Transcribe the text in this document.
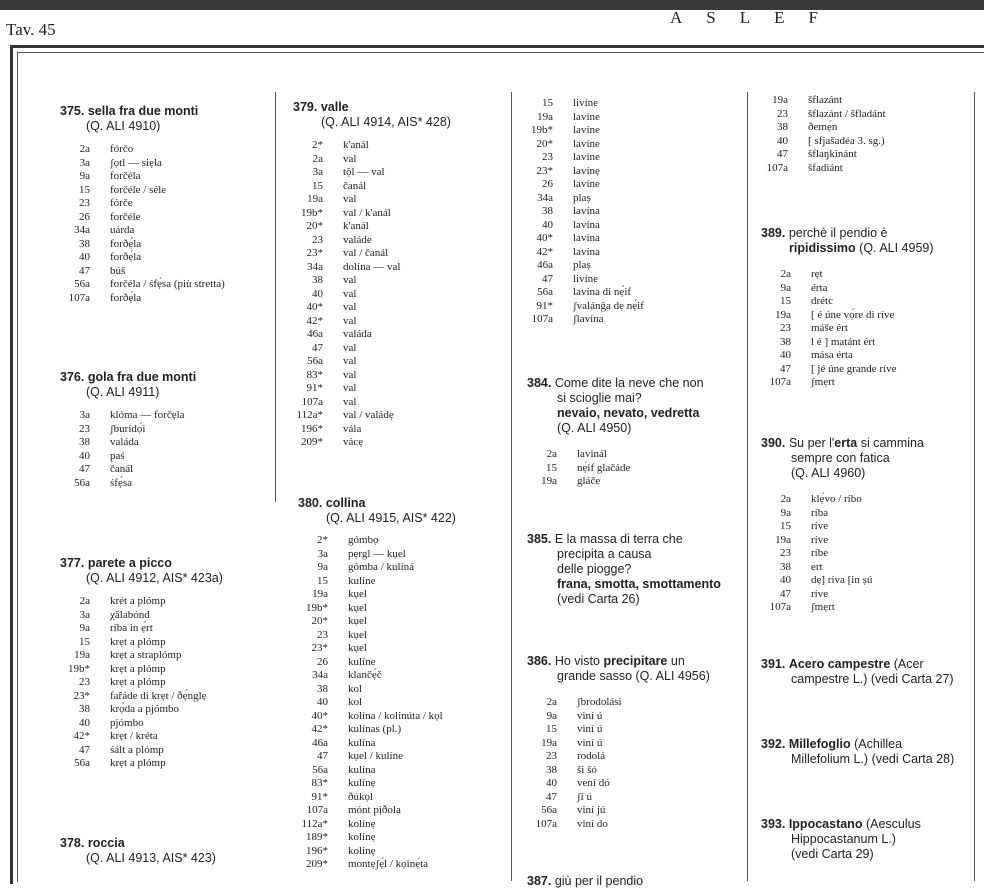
Tav. 45
A S L E F
375. sella fra due monti
(Q. ALI 4910)
2a	fórčo
3a	ʃọtl — siẹla
9a	forčéla
15	forčéle / séle
23	fórče
26	forčéle
34a	uárda
38	forðẹ́la
40	forðẹ́la
47	búš
56a	forčéla / śfẹ́sa (più stretta)
107a	forðẹ́la
376. gola fra due monti
(Q. ALI 4911)
3a	klóma — forčẹla
23	ʃburidọ́i
38	valáda
40	paś
47	čanál
56a	śfẹ́sa
377. parete a picco
(Q. ALI 4912, AIS* 423a)
2a	krét a plómp
3a	χălabónd
9a	ríba in ẹ́rt
15	krẹt a plómp
19a	krẹt a straplómp
19b*	krẹt a plómp
23	krẹt a plómp
23*	faȓáde di krẹt / ðẹ́nglẹ
38	krọ́da a pjómbo
40	pjómbo
42*	krẹt / kréta
47	śált a plómp
56a	krẹt a plómp
378. roccia
(Q. ALI 4913, AIS* 423)
379. valle
(Q. ALI 4914, AIS* 428)
2*	k'anál
2a	val
3a	tộl — val
15	čanál
19a	val
19b*	val / k'anál
20*	k'anál
23	valáde
23*	val / čanál
34a	dolína — val
38	val
40	val
40*	val
42*	val
46a	valáda
47	val
56a	val
83*	val
91*	val
107a	val
112a*	val / valádẹ
196*	vála
209*	vácẹ
380. collina
(Q. ALI 4915, AIS* 422)
2*	gómbọ
3a	pẹrgl — kụel
9a	gómba / kulíná
15	kulíne
19a	kụel
19b*	kụel
20*	kụel
23	kụel
23*	kụel
26	kulíne
34a	klančẹ́č
38	kol
40	kol
40*	kolína / kolinúta / kọl
42*	kulínas (pl.)
46a	kulína
47	kụel / kulíne
56a	kulína
83*	kulínẹ
91*	ðúkọl
107a	mónt pịðola
112a*	kolínẹ
189*	kolínẹ
196*	kolínẹ
209*	montẹʃẹ́l / kọinẹ́ta
15	livíne
19a	lavíne
19b*	lavíne
20*	lavíne
23	lavíne
23*	lavínẹ
26	lavíne
34a	plaṣ
38	lavína
40	lavína
40*	lavína
42*	lavína
46a	plaṣ
47	livíne
56a	lavína di nẹ́if
91*	ʃvalánğa dẹ nẹ́if
107a	ʃlavína
384. Come dite la neve che non
si scioglie mai?
nevaio, nevato, vedretta
(Q. ALI 4950)
2a	lavinál
15	nẹ́if glačáde
19a	gláče
385. E la massa di terra che
precipita a causa
delle piogge?
frana, smotta, smottamento
(vedi Carta 26)
386. Ho visto precipitare un
grande sasso (Q. ALI 4956)
2a	ʃbrodolási
9a	viní ú
15	viní ú
19a	viní ú
23	rodolá
38	ši šó
40	vení dó
47	ʃi ú
56a	viní jú
107a	viní do
387. giù per il pendio
19a	šflazánt
23	šflazánt / šfladánt
38	ðemẹ́n
40	[ sfjašadéa 3. sg.)
47	šflaŋkinánt
107a	šfadiánt
389. perchè il pendio è
ripidissimo (Q. ALI 4959)
2a	rẹt
9a	érta
15	drétc
19a	[ é úne vọ́re di ríve
23	máše ért
38	l é ] matánt ért
40	mása érta
47	[ jé úne grande ríve
107a	ʃmẹrt
390. Su per l'erta si cammina
sempre con fatica
(Q. ALI 4960)
2a	klẹ́vo / ríbo
9a	ríba
15	ríve
19a	ríve
23	ríbe
38	ert
40	dẹ] ríva [in ṣú
47	ríve
107a	ʃmẹrt
391. Acero campestre (Acer
campestre L.) (vedi Carta 27)
392. Millefoglio (Achillea
Millefolium L.) (vedi Carta 28)
393. Ippocastano (Aesculus
Hippocastanum L.)
(vedi Carta 29)
